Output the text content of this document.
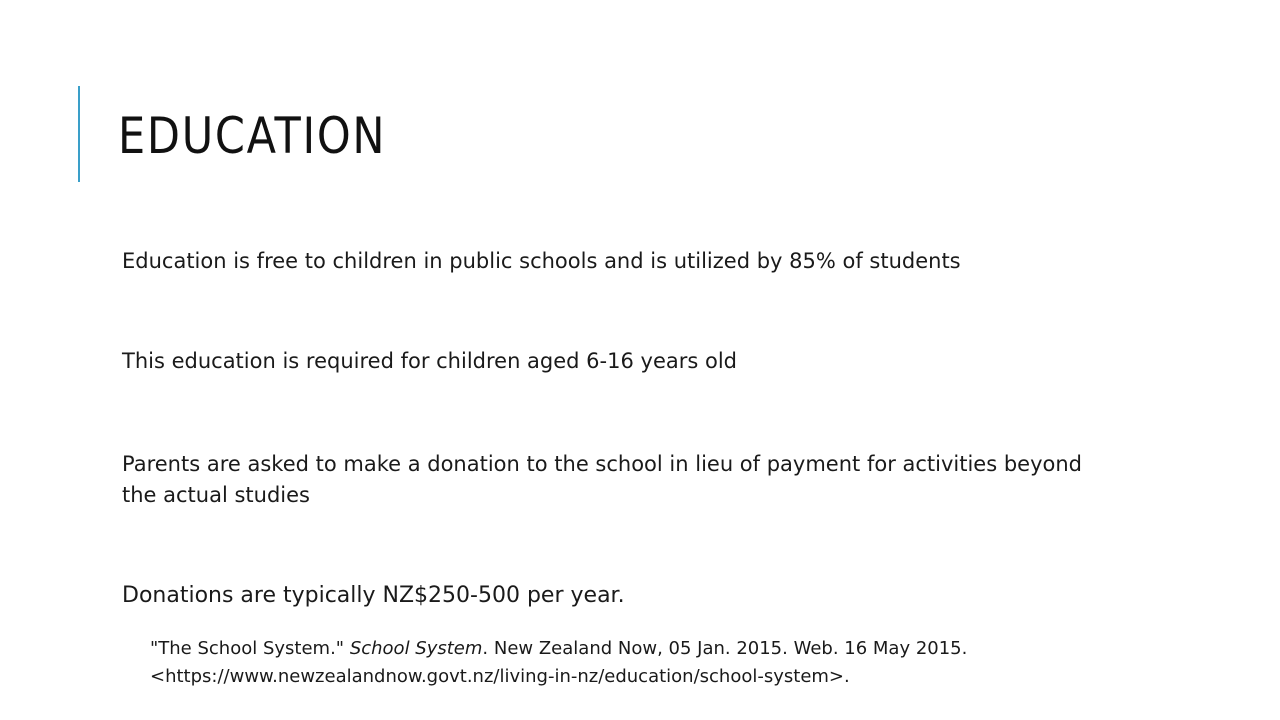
EDUCATION

Education is free to children in public schools and is utilized by 85% of students

This education is required for children aged 6-16 years old

Parents are asked to make a donation to the school in lieu of payment for activities beyond the actual studies

Donations are typically NZ$250-500 per year.

"The School System." School System. New Zealand Now, 05 Jan. 2015. Web. 16 May 2015.
<https://www.newzealandnow.govt.nz/living-in-nz/education/school-system>.
